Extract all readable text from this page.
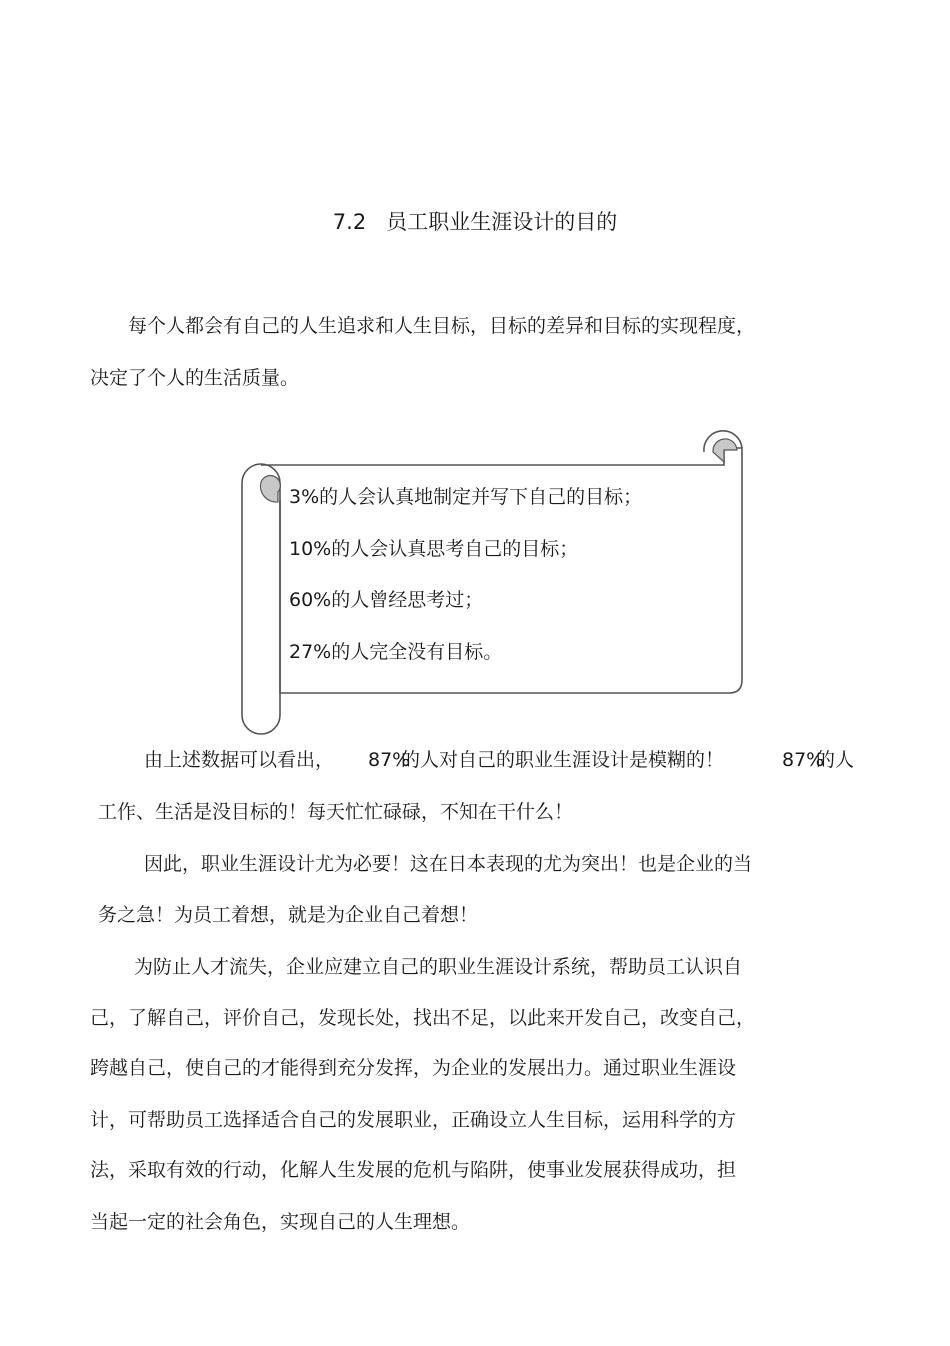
7.2   员工职业生涯设计的目的
每个人都会有自己的人生追求和人生目标，目标的差异和目标的实现程度，
决定了个人的生活质量。
3%的人会认真地制定并写下自己的目标；
10%的人会认真思考自己的目标；
60%的人曾经思考过；
27%的人完全没有目标。
由上述数据可以看出， 87%
的人对自己的职业生涯设计是模糊的！	87%
的人
工作、生活是没目标的！每天忙忙碌碌，不知在干什么！
因此，职业生涯设计尤为必要！这在日本表现的尤为突出！也是企业的当
务之急！为员工着想，就是为企业自己着想！
为防止人才流失，企业应建立自己的职业生涯设计系统，帮助员工认识自
己，了解自己，评价自己，发现长处，找出不足，以此来开发自己，改变自己，
跨越自己，使自己的才能得到充分发挥，为企业的发展出力。通过职业生涯设
计，可帮助员工选择适合自己的发展职业，正确设立人生目标，运用科学的方
法，采取有效的行动，化解人生发展的危机与陷阱，使事业发展获得成功，担
当起一定的社会角色，实现自己的人生理想。
